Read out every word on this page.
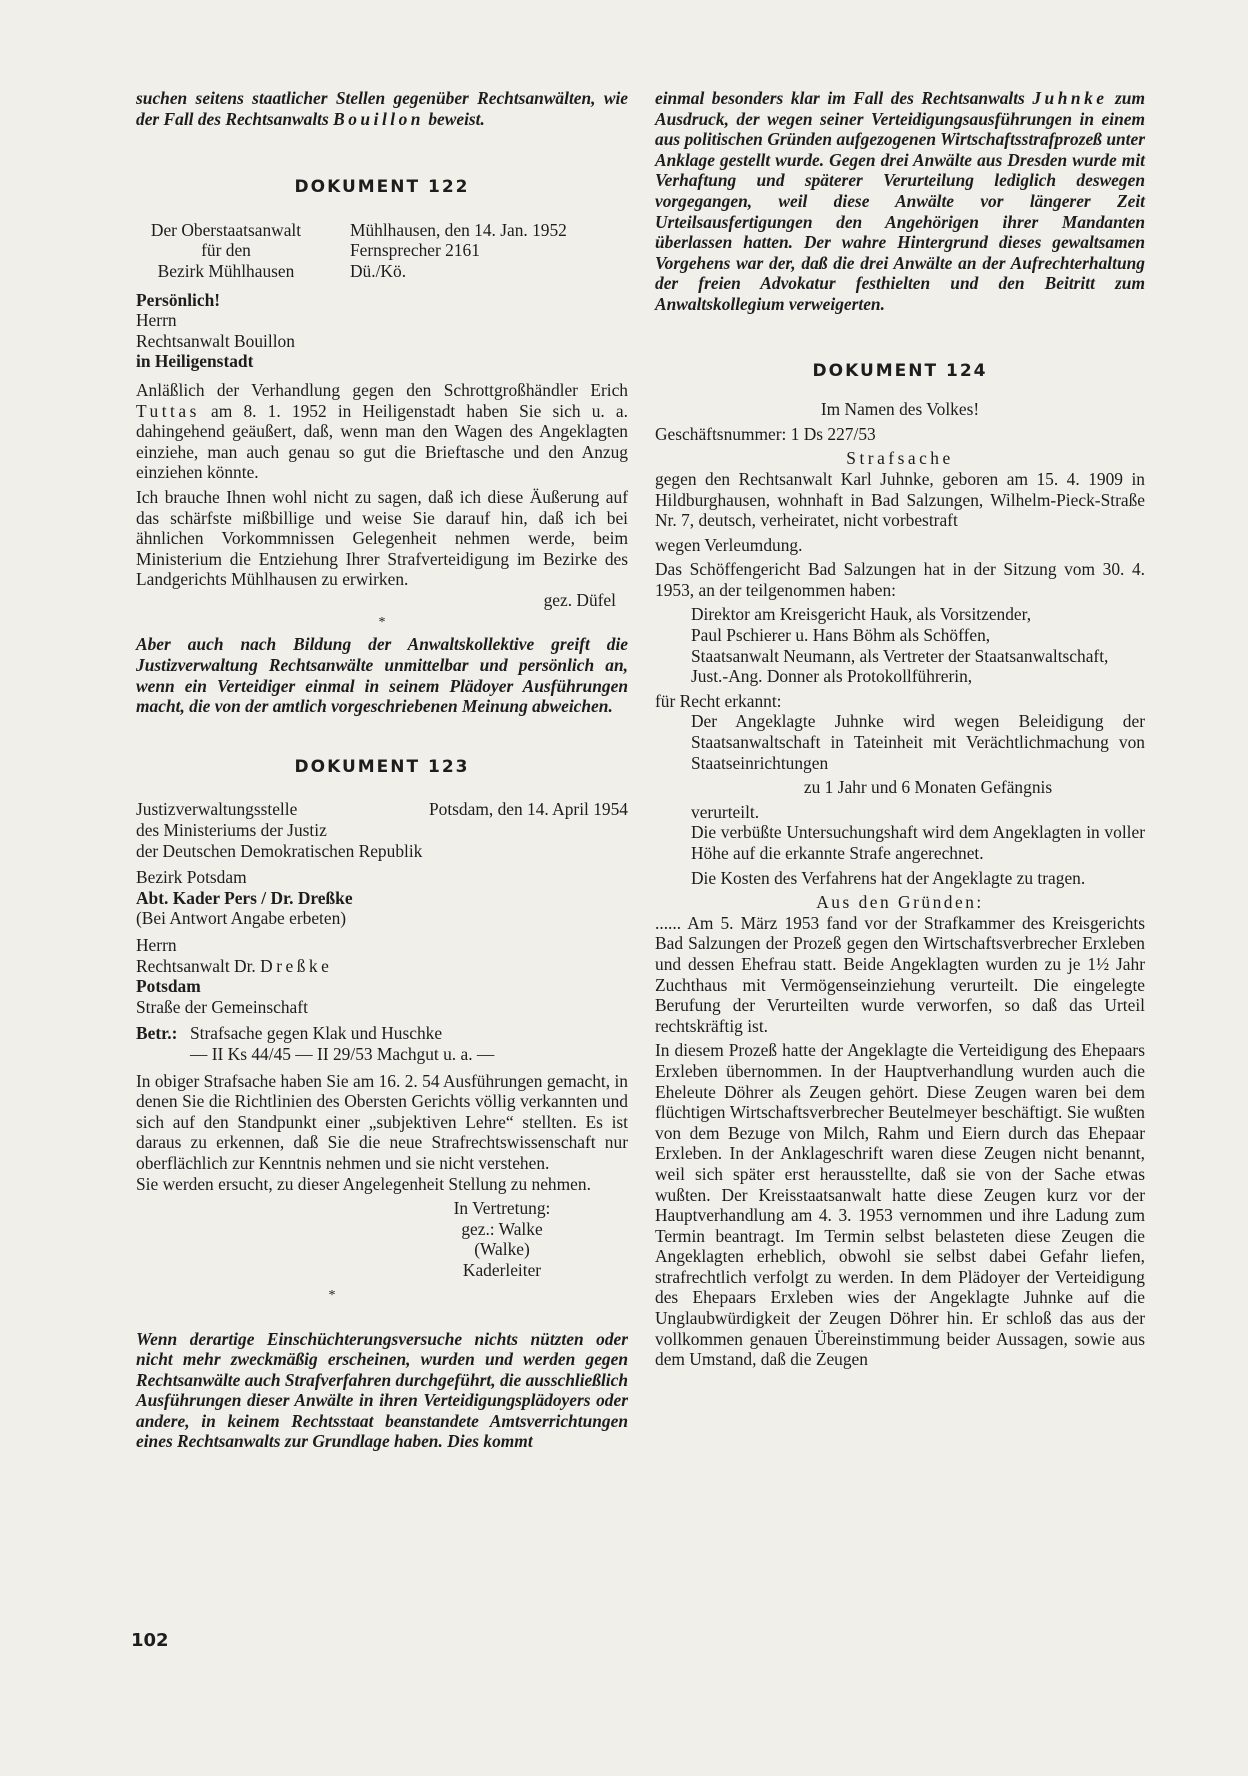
suchen seitens staatlicher Stellen gegenüber Rechtsanwälten, wie der Fall des Rechtsanwalts Bouillon beweist.

DOKUMENT 122

Der Oberstaatsanwalt
für den
Bezirk Mühlhausen
Mühlhausen, den 14. Jan. 1952
Fernsprecher 2161
Dü./Kö.
Persönlich!
Herrn
Rechtsanwalt Bouillon
in Heiligenstadt

Anläßlich der Verhandlung gegen den Schrottgroßhändler Erich Tuttas am 8. 1. 1952 in Heiligenstadt haben Sie sich u. a. dahingehend geäußert, daß, wenn man den Wagen des Angeklagten einziehe, man auch genau so gut die Brieftasche und den Anzug einziehen könnte.

Ich brauche Ihnen wohl nicht zu sagen, daß ich diese Äußerung auf das schärfste mißbillige und weise Sie darauf hin, daß ich bei ähnlichen Vorkommnissen Gelegenheit nehmen werde, beim Ministerium die Entziehung Ihrer Strafverteidigung im Bezirke des Landgerichts Mühlhausen zu erwirken.

gez. Düfel
*

Aber auch nach Bildung der Anwaltskollektive greift die Justizverwaltung Rechtsanwälte unmittelbar und persönlich an, wenn ein Verteidiger einmal in seinem Plädoyer Ausführungen macht, die von der amtlich vorgeschriebenen Meinung abweichen.

DOKUMENT 123

Justizverwaltungsstelle	Potsdam, den 14. April 1954
des Ministeriums der Justiz
der Deutschen Demokratischen Republik
Bezirk Potsdam
Abt. Kader Pers / Dr. Dreßke
(Bei Antwort Angabe erbeten)
Herrn
Rechtsanwalt Dr. Dreßke
Potsdam
Straße der Gemeinschaft
Betr.: Strafsache gegen Klak und Huschke
— II Ks 44/45 — II 29/53 Machgut u. a. —

In obiger Strafsache haben Sie am 16. 2. 54 Ausführungen gemacht, in denen Sie die Richtlinien des Obersten Gerichts völlig verkannten und sich auf den Standpunkt einer „subjektiven Lehre“ stellten. Es ist daraus zu erkennen, daß Sie die neue Strafrechtswissenschaft nur oberflächlich zur Kenntnis nehmen und sie nicht verstehen.

Sie werden ersucht, zu dieser Angelegenheit Stellung zu nehmen.

In Vertretung:
gez.: Walke
(Walke)
Kaderleiter
*

Wenn derartige Einschüchterungsversuche nichts nützten oder nicht mehr zweckmäßig erscheinen, wurden und werden gegen Rechtsanwälte auch Strafverfahren durchgeführt, die ausschließlich Ausführungen dieser Anwälte in ihren Verteidigungsplädoyers oder andere, in keinem Rechtsstaat beanstandete Amtsverrichtungen eines Rechtsanwalts zur Grundlage haben. Dies kommt

einmal besonders klar im Fall des Rechtsanwalts Juhnke zum Ausdruck, der wegen seiner Verteidigungsausführungen in einem aus politischen Gründen aufgezogenen Wirtschaftsstrafprozeß unter Anklage gestellt wurde. Gegen drei Anwälte aus Dresden wurde mit Verhaftung und späterer Verurteilung lediglich deswegen vorgegangen, weil diese Anwälte vor längerer Zeit Urteilsausfertigungen den Angehörigen ihrer Mandanten überlassen hatten. Der wahre Hintergrund dieses gewaltsamen Vorgehens war der, daß die drei Anwälte an der Aufrechterhaltung der freien Advokatur festhielten und den Beitritt zum Anwaltskollegium verweigerten.

DOKUMENT 124

Im Namen des Volkes!
Geschäftsnummer: 1 Ds 227/53
Strafsache

gegen den Rechtsanwalt Karl Juhnke, geboren am 15. 4. 1909 in Hildburghausen, wohnhaft in Bad Salzungen, Wilhelm-Pieck-Straße Nr. 7, deutsch, verheiratet, nicht vorbestraft

wegen Verleumdung.

Das Schöffengericht Bad Salzungen hat in der Sitzung vom 30. 4. 1953, an der teilgenommen haben:

Direktor am Kreisgericht Hauk, als Vorsitzender,
Paul Pschierer u. Hans Böhm als Schöffen,
Staatsanwalt Neumann, als Vertreter der Staatsanwaltschaft,
Just.-Ang. Donner als Protokollführerin,
für Recht erkannt:

Der Angeklagte Juhnke wird wegen Beleidigung der Staatsanwaltschaft in Tateinheit mit Verächtlichmachung von Staatseinrichtungen

zu 1 Jahr und 6 Monaten Gefängnis
verurteilt.

Die verbüßte Untersuchungshaft wird dem Angeklagten in voller Höhe auf die erkannte Strafe angerechnet.

Die Kosten des Verfahrens hat der Angeklagte zu tragen.

Aus den Gründen:

...... Am 5. März 1953 fand vor der Strafkammer des Kreisgerichts Bad Salzungen der Prozeß gegen den Wirtschaftsverbrecher Erxleben und dessen Ehefrau statt. Beide Angeklagten wurden zu je 1½ Jahr Zuchthaus mit Vermögenseinziehung verurteilt. Die eingelegte Berufung der Verurteilten wurde verworfen, so daß das Urteil rechtskräftig ist.

In diesem Prozeß hatte der Angeklagte die Verteidigung des Ehepaars Erxleben übernommen. In der Hauptverhandlung wurden auch die Eheleute Döhrer als Zeugen gehört. Diese Zeugen waren bei dem flüchtigen Wirtschaftsverbrecher Beutelmeyer beschäftigt. Sie wußten von dem Bezuge von Milch, Rahm und Eiern durch das Ehepaar Erxleben. In der Anklageschrift waren diese Zeugen nicht benannt, weil sich später erst herausstellte, daß sie von der Sache etwas wußten. Der Kreisstaatsanwalt hatte diese Zeugen kurz vor der Hauptverhandlung am 4. 3. 1953 vernommen und ihre Ladung zum Termin beantragt. Im Termin selbst belasteten diese Zeugen die Angeklagten erheblich, obwohl sie selbst dabei Gefahr liefen, strafrechtlich verfolgt zu werden. In dem Plädoyer der Verteidigung des Ehepaars Erxleben wies der Angeklagte Juhnke auf die Unglaubwürdigkeit der Zeugen Döhrer hin. Er schloß das aus der vollkommen genauen Übereinstimmung beider Aussagen, sowie aus dem Umstand, daß die Zeugen

102
